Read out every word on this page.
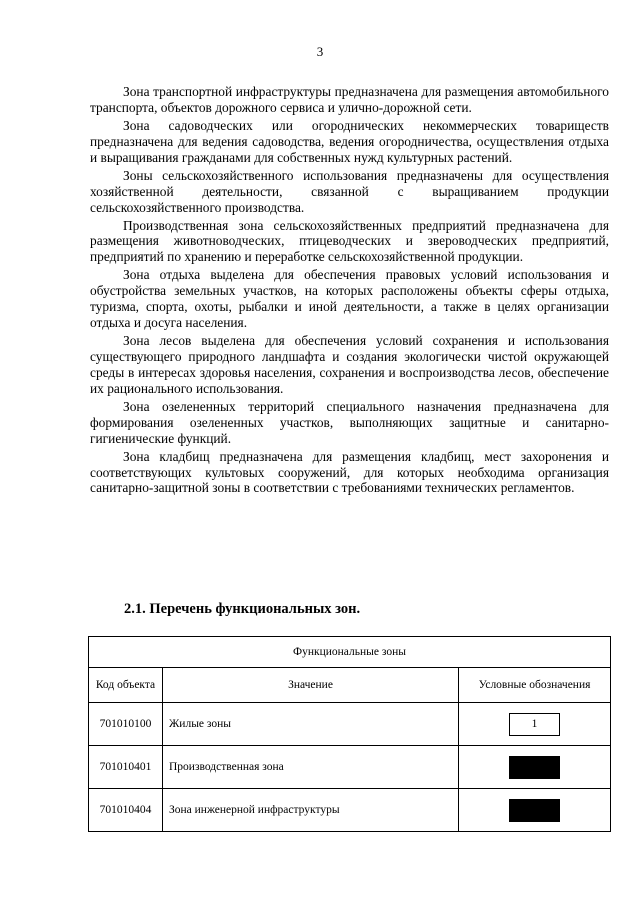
3

Зона транспортной инфраструктуры предназначена для размещения автомобильного транспорта, объектов дорожного сервиса и улично-дорожной сети.

Зона садоводческих или огороднических некоммерческих товариществ предназначена для ведения садоводства, ведения огородничества, осуществления отдыха и выращивания гражданами для собственных нужд культурных растений.

Зоны сельскохозяйственного использования предназначены для осуществления хозяйственной деятельности, связанной с выращиванием продукции сельскохозяйственного производства.

Производственная зона сельскохозяйственных предприятий предназначена для размещения животноводческих, птицеводческих и звероводческих предприятий, предприятий по хранению и переработке сельскохозяйственной продукции.

Зона отдыха выделена для обеспечения правовых условий использования и обустройства земельных участков, на которых расположены объекты сферы отдыха, туризма, спорта, охоты, рыбалки и иной деятельности, а также в целях организации отдыха и досуга населения.

Зона лесов выделена для обеспечения условий сохранения и использования существующего природного ландшафта и создания экологически чистой окружающей среды в интересах здоровья населения, сохранения и воспроизводства лесов, обеспечение их рационального использования.

Зона озелененных территорий специального назначения предназначена для формирования озелененных участков, выполняющих защитные и санитарно-гигиенические функций.

Зона кладбищ предназначена для размещения кладбищ, мест захоронения и соответствующих культовых сооружений, для которых необходима организация санитарно-защитной зоны в соответствии с требованиями технических регламентов.

2.1. Перечень функциональных зон.
Функциональные зоны		
Код объекта	Значение	Условные обозначения
701010100	Жилые зоны	1
701010401	Производственная зона	
701010404	Зона инженерной инфраструктуры	
